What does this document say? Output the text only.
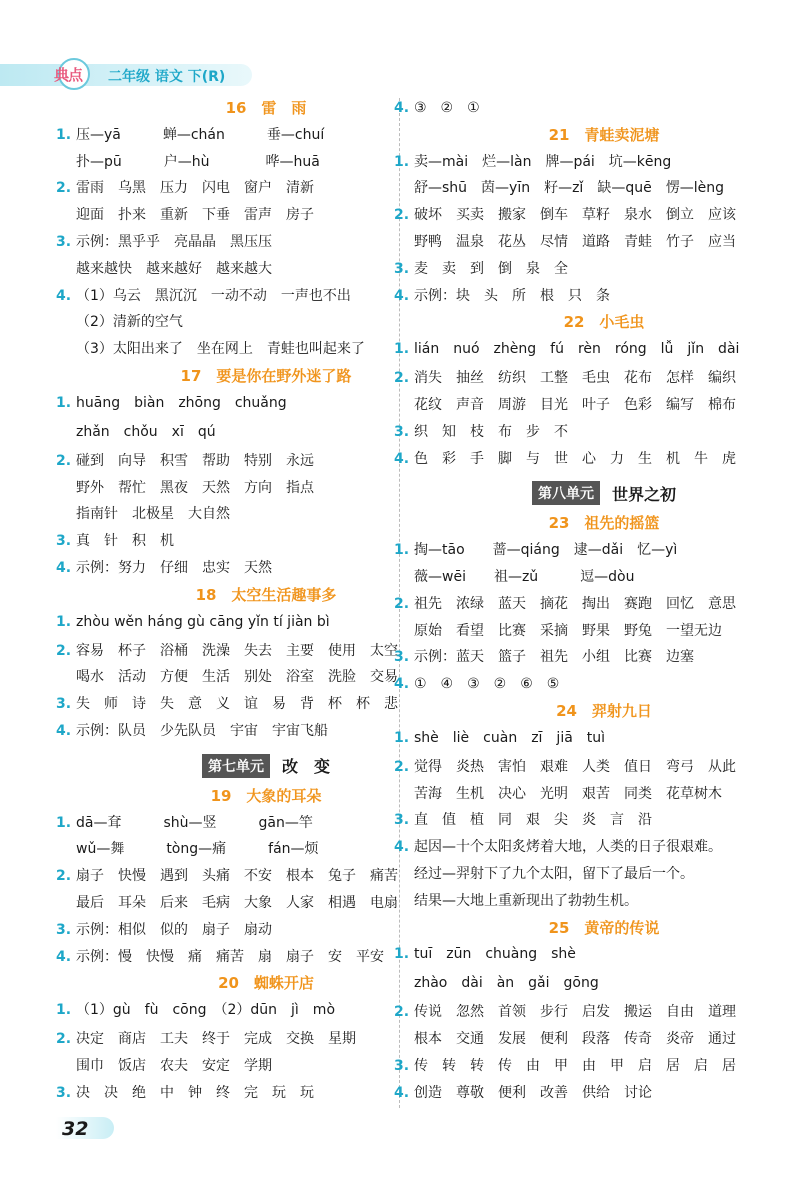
典点 二年级 语文 下(R)
16　雷　雨
1. 压—yā　　　蝉—chán　　　垂—chuí
扑—pū　　　户—hù　　　　哗—huā
2. 雷雨　乌黑　压力　闪电　窗户　清新
迎面　扑来　重新　下垂　雷声　房子
3. 示例：黑乎乎　亮晶晶　黑压压
越来越快　越来越好　越来越大
4. （1）乌云　黑沉沉　一动不动　一声也不出
（2）清新的空气
（3）太阳出来了　坐在网上　青蛙也叫起来了
17　要是你在野外迷了路
1. huāng　biàn　zhōng　chuǎng
zhǎn　chǒu　xī　qú
2. 碰到　向导　积雪　帮助　特别　永远
野外　帮忙　黑夜　天然　方向　指点
指南针　北极星　大自然
3. 真　针　积　机
4. 示例：努力　仔细　忠实　天然
18　太空生活趣事多
1. zhòu wěn háng gù cāng yǐn tí jiàn bì
2. 容易　杯子　浴桶　洗澡　失去　主要　使用　太空
喝水　活动　方便　生活　别处　浴室　洗脸　交易
3. 失　师　诗　失　意　义　谊　易　背　杯　杯　悲
4. 示例：队员　少先队员　宇宙　宇宙飞船
第七单元	改　变
19　大象的耳朵
1. dā—耷　　　shù—竖　　　gān—竿
wǔ—舞　　　tòng—痛　　　fán—烦
2. 扇子　快慢　遇到　头痛　不安　根本　兔子　痛苦
最后　耳朵　后来　毛病　大象　人家　相遇　电扇
3. 示例：相似　似的　扇子　扇动
4. 示例：慢　快慢　痛　痛苦　扇　扇子　安　平安
20　蜘蛛开店
1. （1）gù　fù　cōng　（2）dūn　jì　mò
2. 决定　商店　工夫　终于　完成　交换　星期
围巾　饭店　农夫　安定　学期
3. 决　决　绝　中　钟　终　完　玩　玩
4. ③　②　①
21　青蛙卖泥塘
1. 卖—mài　烂—làn　牌—pái　坑—kēng
舒—shū　茵—yīn　籽—zǐ　缺—quē　愣—lèng
2. 破坏　买卖　搬家　倒车　草籽　泉水　倒立　应该
野鸭　温泉　花丛　尽情　道路　青蛙　竹子　应当
3. 麦　卖　到　倒　泉　全
4. 示例：块　头　所　根　只　条
22　小毛虫
1. lián　nuó　zhèng　fú　rèn　róng　lǚ　jǐn　dài
2. 消失　抽丝　纺织　工整　毛虫　花布　怎样　编织
花纹　声音　周游　目光　叶子　色彩　编写　棉布
3. 织　知　枝　布　步　不
4. 色　彩　手　脚　与　世　心　力　生　机　牛　虎
第八单元	世界之初
23　祖先的摇篮
1. 掏—tāo　　蔷—qiáng　逮—dǎi　忆—yì
薇—wēi　　祖—zǔ　　　逗—dòu
2. 祖先　浓绿　蓝天　摘花　掏出　赛跑　回忆　意思
原始　看望　比赛　采摘　野果　野兔　一望无边
3. 示例：蓝天　篮子　祖先　小组　比赛　边塞
4. ①　④　③　②　⑥　⑤
24　羿射九日
1. shè　liè　cuàn　zī　jiā　tuì
2. 觉得　炎热　害怕　艰难　人类　值日　弯弓　从此
苦海　生机　决心　光明　艰苦　同类　花草树木
3. 直　值　植　同　艰　尖　炎　言　沿
4. 起因—十个太阳炙烤着大地，人类的日子很艰难。
经过—羿射下了九个太阳，留下了最后一个。
结果—大地上重新现出了勃勃生机。
25　黄帝的传说
1. tuī　zūn　chuàng　shè
zhào　dài　àn　gǎi　gōng
2. 传说　忽然　首领　步行　启发　搬运　自由　道理
根本　交通　发展　便利　段落　传奇　炎帝　通过
3. 传　转　转　传　由　甲　由　甲　启　居　启　居
4. 创造　尊敬　便利　改善　供给　讨论
32
